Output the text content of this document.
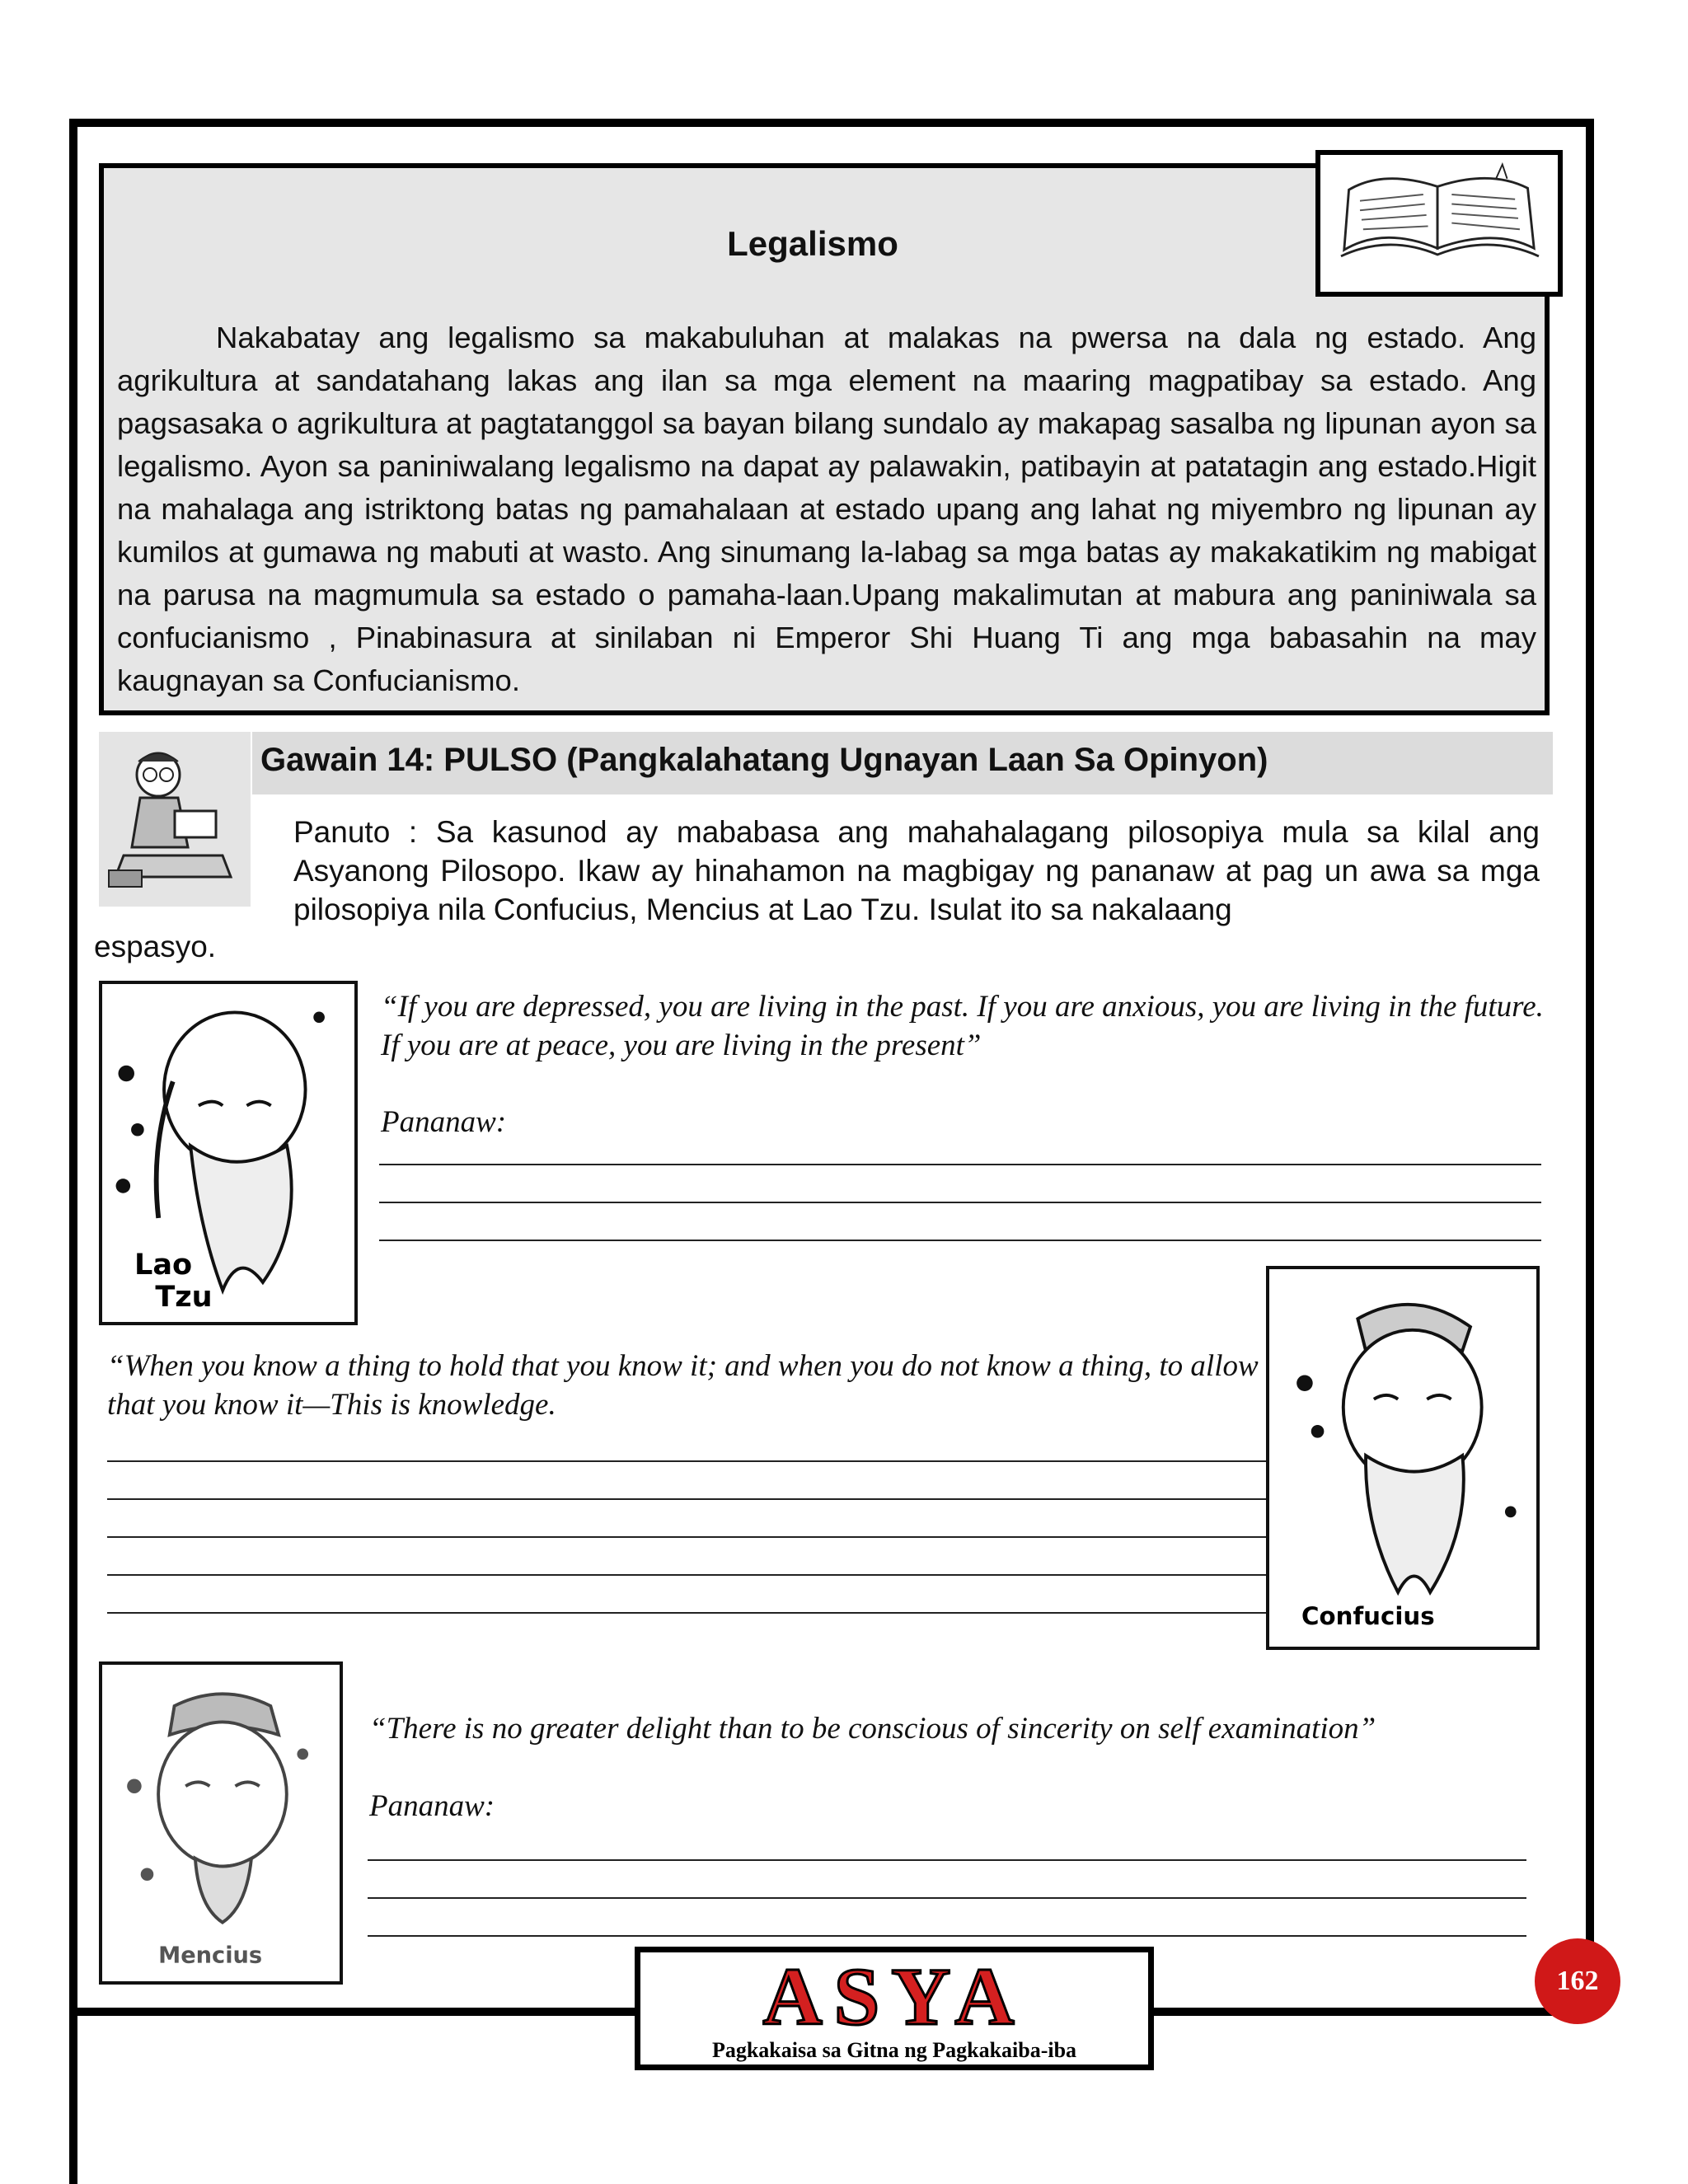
Legalismo

Nakabatay ang legalismo sa makabuluhan at malakas na pwersa na dala ng estado. Ang agrikultura at sandatahang lakas ang ilan sa mga element na maaring magpatibay sa estado. Ang pagsasaka o agrikultura at pagtatanggol sa bayan bilang sundalo ay makapag sasalba ng lipunan ayon sa legalismo. Ayon sa paniniwalang legalismo na dapat ay palawakin, patibayin at patatagin ang estado.Higit na mahalaga ang istriktong batas ng pamahalaan at estado upang ang lahat ng miyembro ng lipunan ay kumilos at gumawa ng mabuti at wasto. Ang sinumang la-labag sa mga batas ay makakatikim ng mabigat na parusa na magmumula sa estado o pamaha-laan.Upang makalimutan at mabura ang paniniwala sa confucianismo , Pinabinasura at sinilaban ni Emperor Shi Huang Ti ang mga babasahin na may kaugnayan sa Confucianismo.

Gawain 14: PULSO (Pangkalahatang Ugnayan Laan Sa Opinyon)

Panuto : Sa kasunod ay mababasa ang mahahalagang pilosopiya mula sa kilal ang Asyanong Pilosopo. Ikaw ay hinahamon na magbigay ng pananaw at pag un awa sa mga pilosopiya nila Confucius, Mencius at Lao Tzu. Isulat ito sa nakalaang

espasyo.
Lao
Tzu

“If you are depressed, you are living in the past. If you are anxious, you are living in the future. If you are at peace, you are living in the present”

Pananaw:

“When you know a thing to hold that you know it; and when you do not know a thing, to allow that you know it—This is knowledge.

Confucius
Mencius

“There is no greater delight than to be conscious of sincerity on self examination”

Pananaw:
ASYA
Pagkakaisa sa Gitna ng Pagkakaiba-iba
162
